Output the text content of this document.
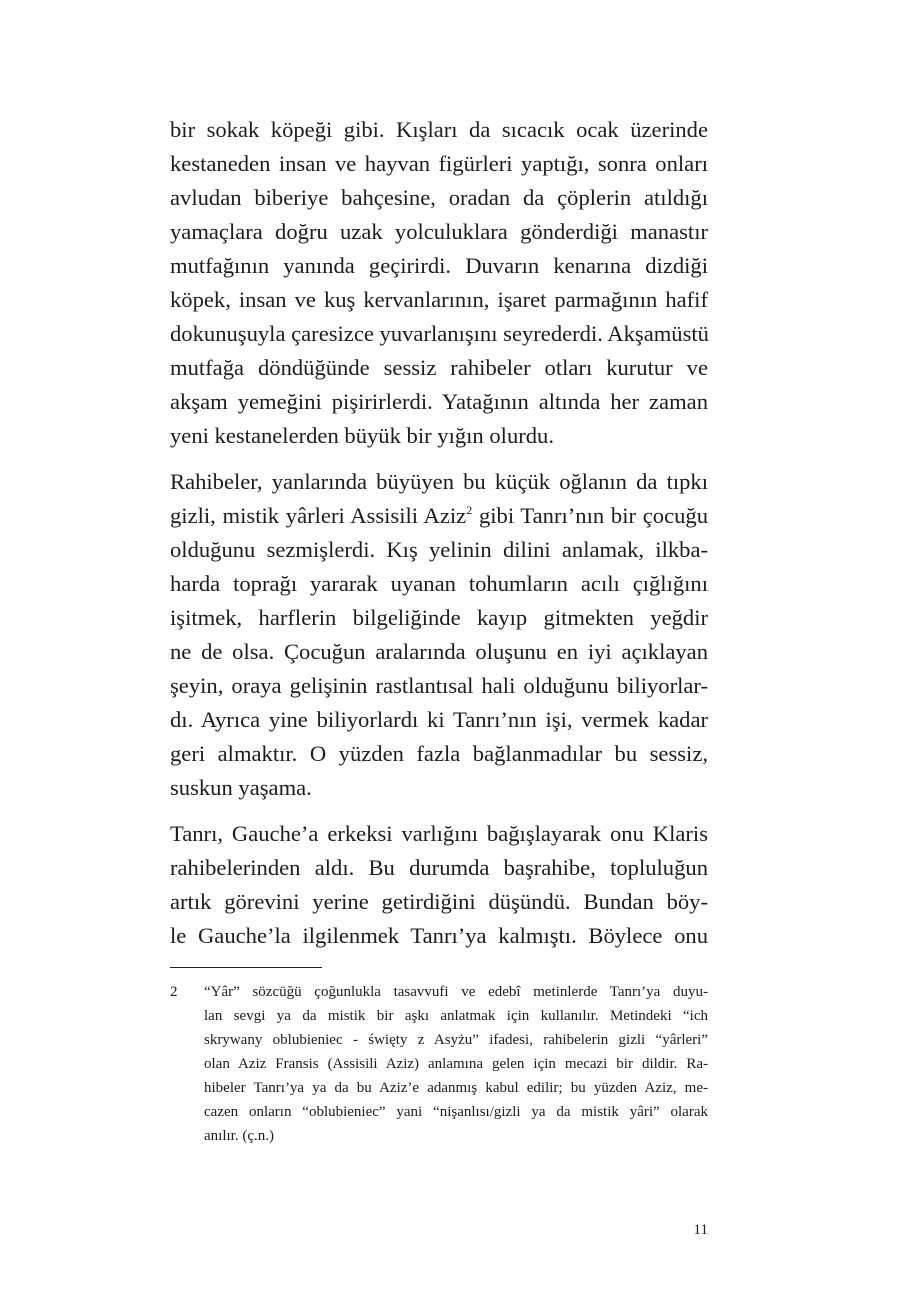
bir sokak köpeği gibi. Kışları da sıcacık ocak üzerinde
kestaneden insan ve hayvan figürleri yaptığı, sonra onları
avludan biberiye bahçesine, oradan da çöplerin atıldığı
yamaçlara doğru uzak yolculuklara gönderdiği manastır
mutfağının yanında geçirirdi. Duvarın kenarına dizdiği
köpek, insan ve kuş kervanlarının, işaret parmağının hafif
dokunuşuyla çaresizce yuvarlanışını seyrederdi. Akşamüstü
mutfağa döndüğünde sessiz rahibeler otları kurutur ve
akşam yemeğini pişirirlerdi. Yatağının altında her zaman
yeni kestanelerden büyük bir yığın olurdu.

Rahibeler, yanlarında büyüyen bu küçük oğlanın da tıpkı
gizli, mistik yârleri Assisili Aziz$^2$ gibi Tanrı’nın bir çocuğu
olduğunu sezmişlerdi. Kış yelinin dilini anlamak, ilkba-
harda toprağı yararak uyanan tohumların acılı çığlığını
işitmek, harflerin bilgeliğinde kayıp gitmekten yeğdir
ne de olsa. Çocuğun aralarında oluşunu en iyi açıklayan
şeyin, oraya gelişinin rastlantısal hali olduğunu biliyorlar-
dı. Ayrıca yine biliyorlardı ki Tanrı’nın işi, vermek kadar
geri almaktır. O yüzden fazla bağlanmadılar bu sessiz,
suskun yaşama.

Tanrı, Gauche’a erkeksi varlığını bağışlayarak onu Klaris
rahibelerinden aldı. Bu durumda başrahibe, topluluğun
artık görevini yerine getirdiğini düşündü. Bundan böy-
le Gauche’la ilgilenmek Tanrı’ya kalmıştı. Böylece onu

2	“Yâr” sözcüğü çoğunlukla tasavvufi ve edebî metinlerde Tanrı’ya duyu-
lan sevgi ya da mistik bir aşkı anlatmak için kullanılır. Metindeki “ich
skrywany oblubieniec - święty z Asyżu” ifadesi, rahibelerin gizli “yârleri”
olan Aziz Fransis (Assisili Aziz) anlamına gelen için mecazi bir dildir. Ra-
hibeler Tanrı’ya ya da bu Aziz’e adanmış kabul edilir; bu yüzden Aziz, me-
cazen onların “oblubieniec” yani “nişanlısı/gizli ya da mistik yâri” olarak
anılır. (ç.n.)
11
